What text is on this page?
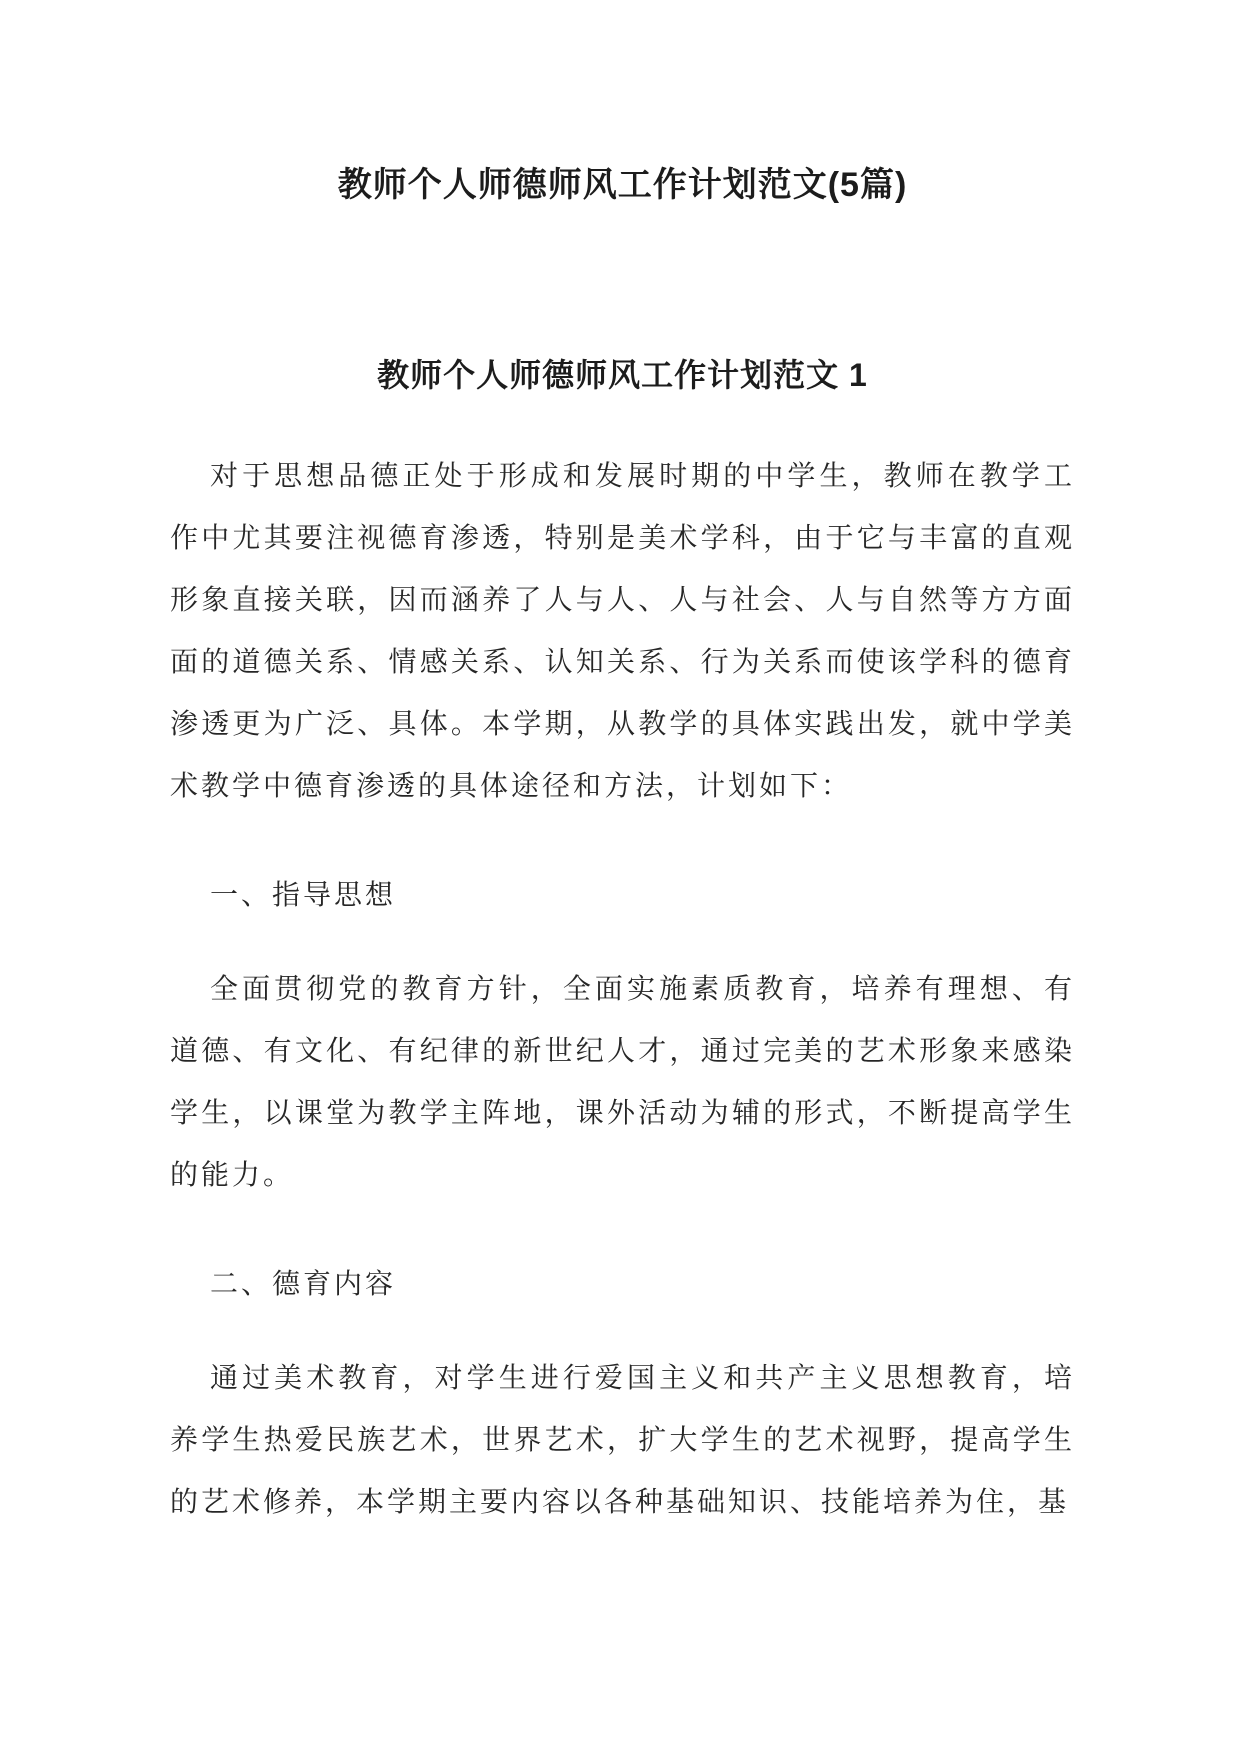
教师个人师德师风工作计划范文(5篇)
教师个人师德师风工作计划范文 1

对于思想品德正处于形成和发展时期的中学生，教师在教学工作中尤其要注视德育渗透，特别是美术学科，由于它与丰富的直观形象直接关联，因而涵养了人与人、人与社会、人与自然等方方面面的道德关系、情感关系、认知关系、行为关系而使该学科的德育渗透更为广泛、具体。本学期，从教学的具体实践出发，就中学美术教学中德育渗透的具体途径和方法，计划如下：

一、指导思想

全面贯彻党的教育方针，全面实施素质教育，培养有理想、有道德、有文化、有纪律的新世纪人才，通过完美的艺术形象来感染学生，以课堂为教学主阵地，课外活动为辅的形式，不断提高学生的能力。

二、德育内容

通过美术教育，对学生进行爱国主义和共产主义思想教育，培养学生热爱民族艺术，世界艺术，扩大学生的艺术视野，提高学生的艺术修养，本学期主要内容以各种基础知识、技能培养为住，基
